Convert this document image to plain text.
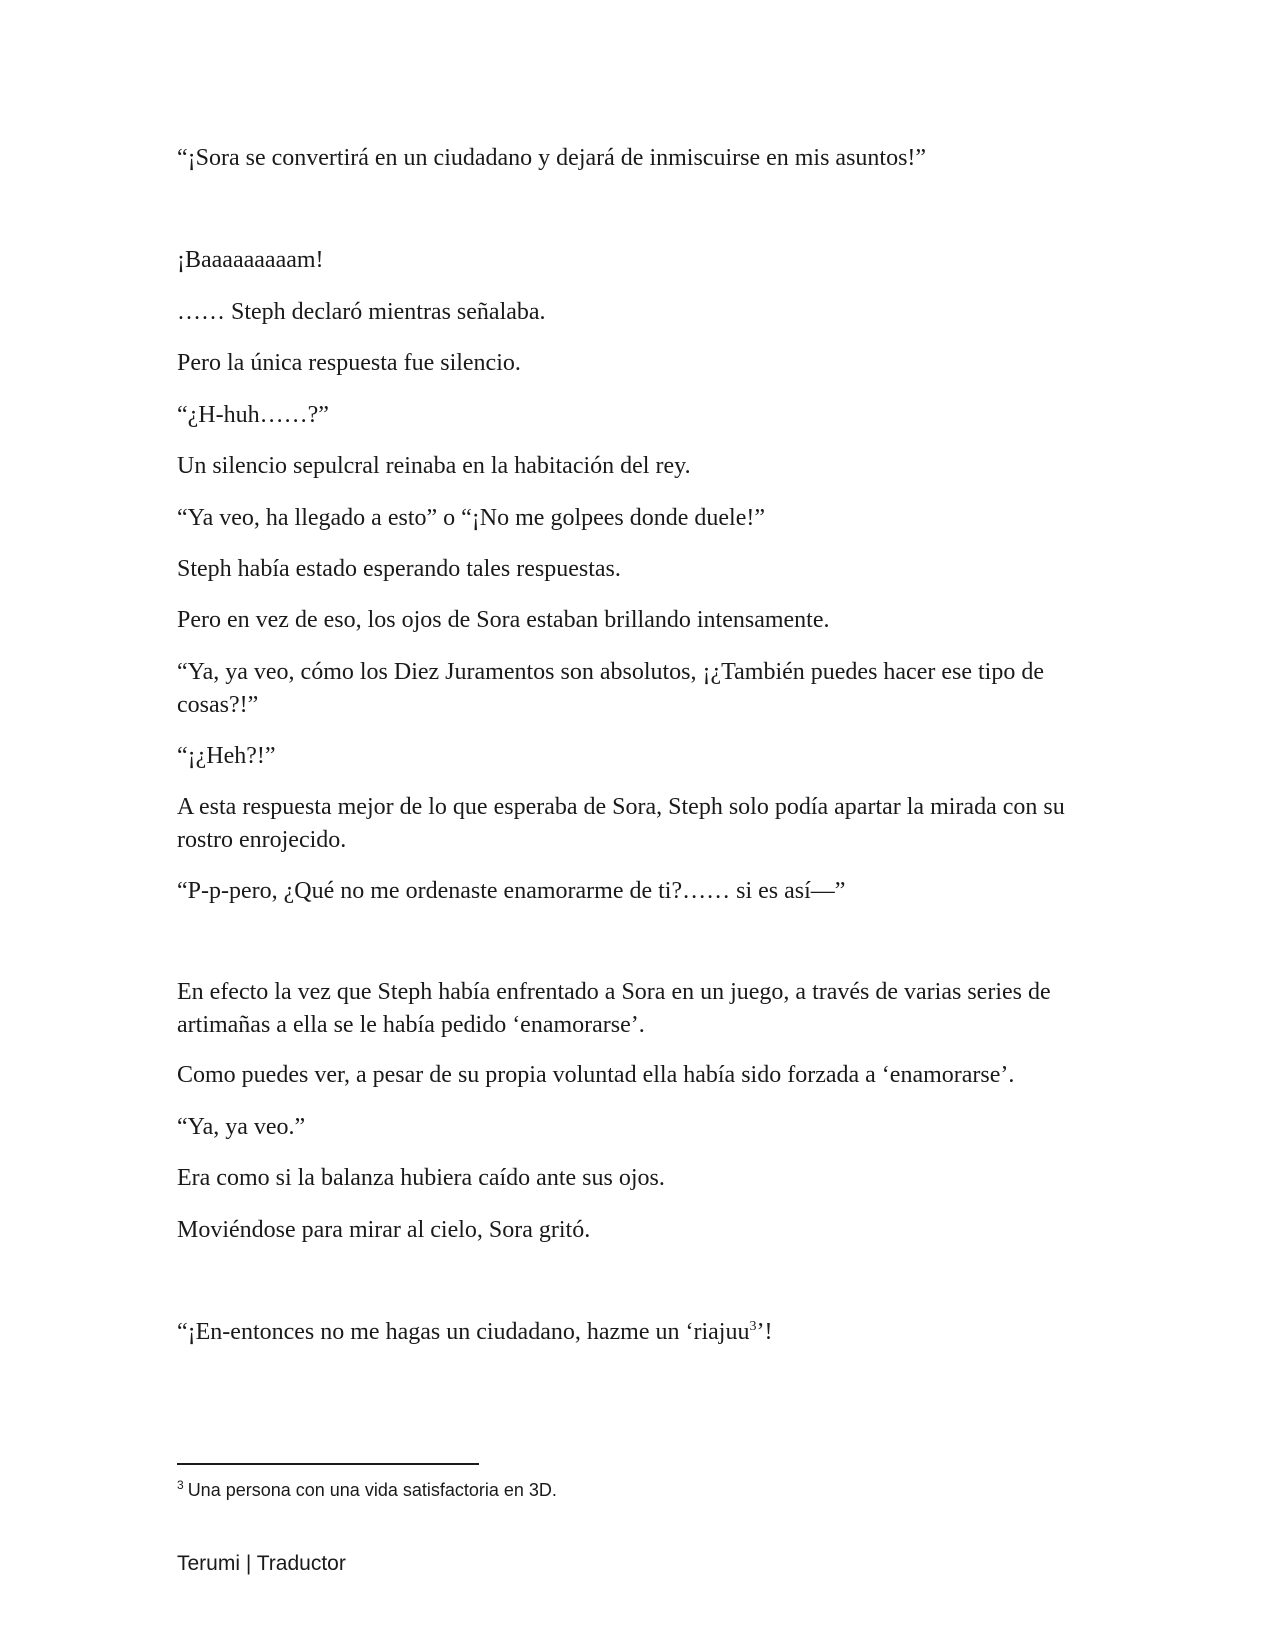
“¡Sora se convertirá en un ciudadano y dejará de inmiscuirse en mis asuntos!”

¡Baaaaaaaaam!

…… Steph declaró mientras señalaba.

Pero la única respuesta fue silencio.

“¿H-huh……?”

Un silencio sepulcral reinaba en la habitación del rey.

“Ya veo, ha llegado a esto” o “¡No me golpees donde duele!”

Steph había estado esperando tales respuestas.

Pero en vez de eso, los ojos de Sora estaban brillando intensamente.

“Ya, ya veo, cómo los Diez Juramentos son absolutos, ¡¿También puedes hacer ese tipo de cosas?!”

“¡¿Heh?!”

A esta respuesta mejor de lo que esperaba de Sora, Steph solo podía apartar la mirada con su rostro enrojecido.

“P-p-pero, ¿Qué no me ordenaste enamorarme de ti?…… si es así—”

En efecto la vez que Steph había enfrentado a Sora en un juego, a través de varias series de artimañas a ella se le había pedido ‘enamorarse’.

Como puedes ver, a pesar de su propia voluntad ella había sido forzada a ‘enamorarse’.

“Ya, ya veo.”

Era como si la balanza hubiera caído ante sus ojos.

Moviéndose para mirar al cielo, Sora gritó.

“¡En-entonces no me hagas un ciudadano, hazme un ‘riajuu$^3$’!

$^3$ Una persona con una vida satisfactoria en 3D.

Terumi | Traductor
